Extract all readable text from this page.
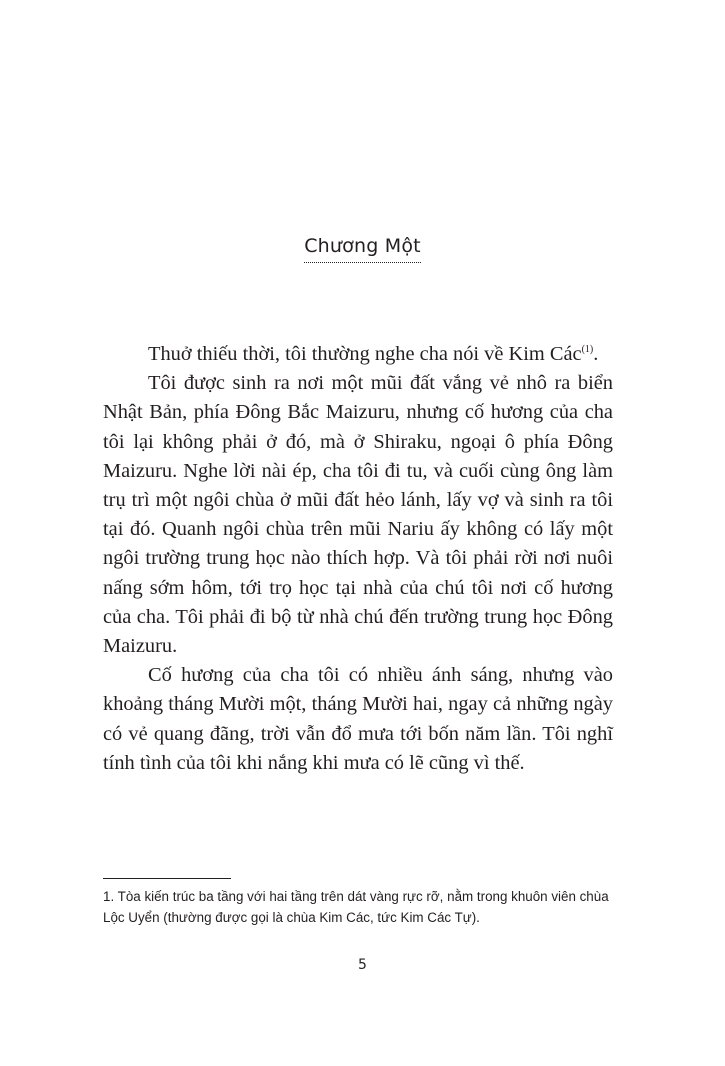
Chương Một

Thuở thiếu thời, tôi thường nghe cha nói về Kim Các$^{(1)}$.

Tôi được sinh ra nơi một mũi đất vắng vẻ nhô ra biển Nhật Bản, phía Đông Bắc Maizuru, nhưng cố hương của cha tôi lại không phải ở đó, mà ở Shiraku, ngoại ô phía Đông Maizuru. Nghe lời nài ép, cha tôi đi tu, và cuối cùng ông làm trụ trì một ngôi chùa ở mũi đất hẻo lánh, lấy vợ và sinh ra tôi tại đó. Quanh ngôi chùa trên mũi Nariu ấy không có lấy một ngôi trường trung học nào thích hợp. Và tôi phải rời nơi nuôi nấng sớm hôm, tới trọ học tại nhà của chú tôi nơi cố hương của cha. Tôi phải đi bộ từ nhà chú đến trường trung học Đông Maizuru.

Cố hương của cha tôi có nhiều ánh sáng, nhưng vào khoảng tháng Mười một, tháng Mười hai, ngay cả những ngày có vẻ quang đãng, trời vẫn đổ mưa tới bốn năm lần. Tôi nghĩ tính tình của tôi khi nắng khi mưa có lẽ cũng vì thế.

1. Tòa kiến trúc ba tầng với hai tầng trên dát vàng rực rỡ, nằm trong khuôn viên chùa Lộc Uyển (thường được gọi là chùa Kim Các, tức Kim Các Tự).
5
